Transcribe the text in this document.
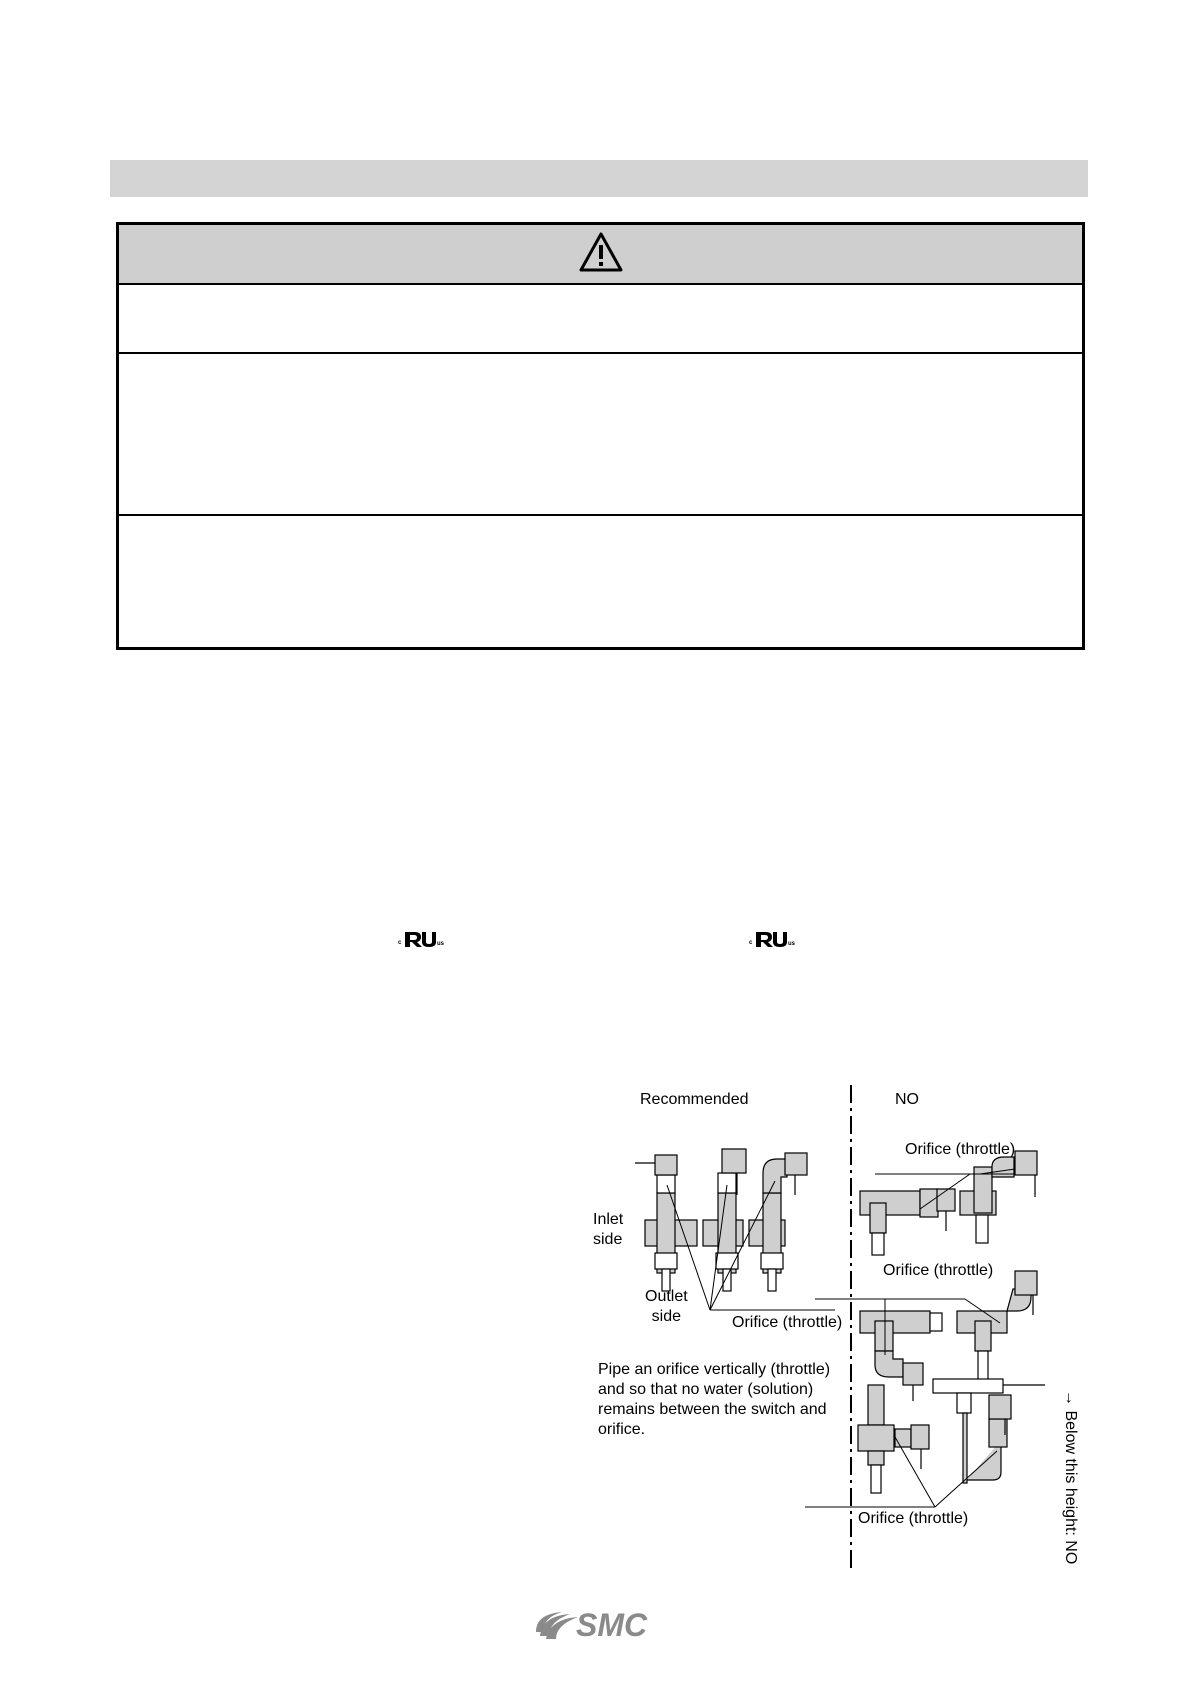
c	us	c	us
Recommended	NO
Inlet
side
Outlet
side	Orifice (throttle)
Pipe an orifice vertically (throttle) and so that no water (solution) remains between the switch and orifice.
Orifice (throttle)
Orifice (throttle)
Orifice (throttle)	→ Below this height: NO
SMC
